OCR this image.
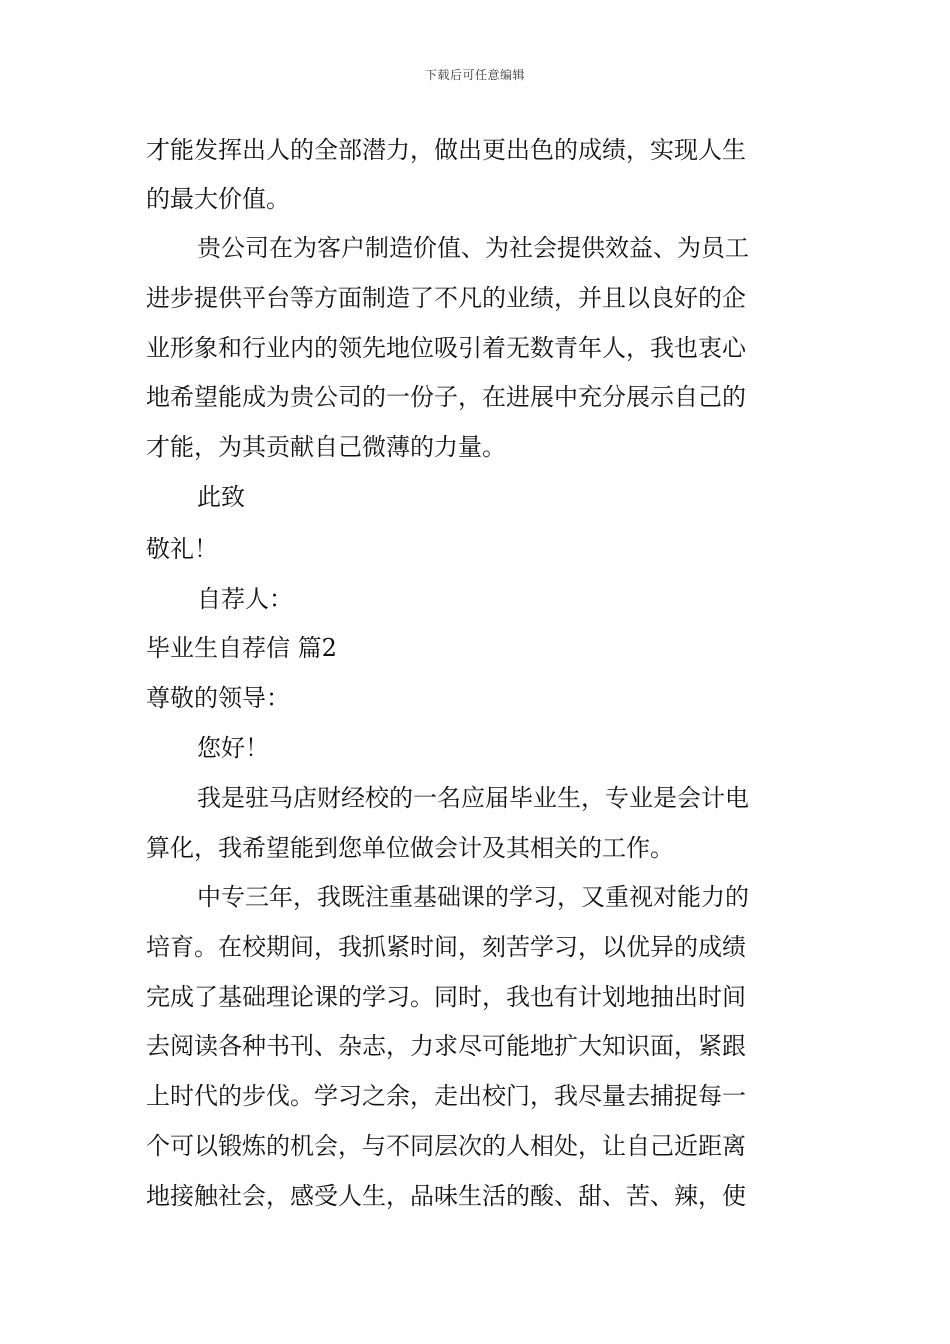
下载后可任意编辑
才能发挥出人的全部潜力，做出更出色的成绩，实现人生
的最大价值。
贵公司在为客户制造价值、为社会提供效益、为员工
进步提供平台等方面制造了不凡的业绩，并且以良好的企
业形象和行业内的领先地位吸引着无数青年人，我也衷心
地希望能成为贵公司的一份子，在进展中充分展示自己的
才能，为其贡献自己微薄的力量。
此致
敬礼！
自荐人：
毕业生自荐信 篇2
尊敬的领导：
您好！
我是驻马店财经校的一名应届毕业生，专业是会计电
算化，我希望能到您单位做会计及其相关的工作。
中专三年，我既注重基础课的学习，又重视对能力的
培育。在校期间，我抓紧时间，刻苦学习，以优异的成绩
完成了基础理论课的学习。同时，我也有计划地抽出时间
去阅读各种书刊、杂志，力求尽可能地扩大知识面，紧跟
上时代的步伐。学习之余，走出校门，我尽量去捕捉每一
个可以锻炼的机会，与不同层次的人相处，让自己近距离
地接触社会，感受人生，品味生活的酸、甜、苦、辣，使
